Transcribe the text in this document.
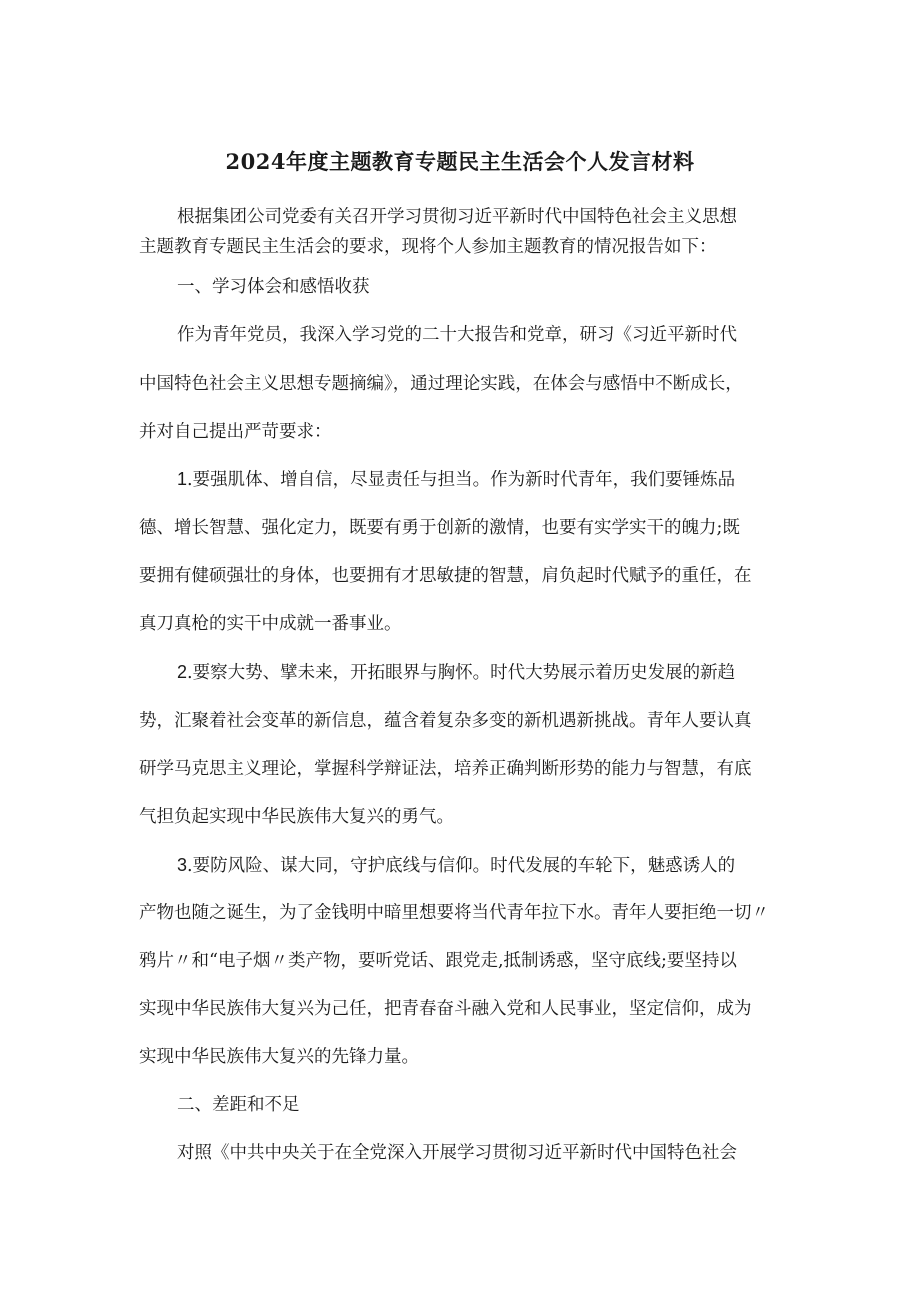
2024年度主题教育专题民主生活会个人发言材料
根据集团公司党委有关召开学习贯彻习近平新时代中国特色社会主义思想
主题教育专题民主生活会的要求，现将个人参加主题教育的情况报告如下：
一、学习体会和感悟收获
作为青年党员，我深入学习党的二十大报告和党章，研习《习近平新时代
中国特色社会主义思想专题摘编》，通过理论实践，在体会与感悟中不断成长，
并对自己提出严苛要求：
1.要强肌体、增自信，尽显责任与担当。作为新时代青年，我们要锤炼品
德、增长智慧、强化定力，既要有勇于创新的激情，也要有实学实干的魄力;既
要拥有健硕强壮的身体，也要拥有才思敏捷的智慧，肩负起时代赋予的重任，在
真刀真枪的实干中成就一番事业。
2.要察大势、擘未来，开拓眼界与胸怀。时代大势展示着历史发展的新趋
势，汇聚着社会变革的新信息，蕴含着复杂多变的新机遇新挑战。青年人要认真
研学马克思主义理论，掌握科学辩证法，培养正确判断形势的能力与智慧，有底
气担负起实现中华民族伟大复兴的勇气。
3.要防风险、谋大同，守护底线与信仰。时代发展的车轮下，魅惑诱人的
产物也随之诞生，为了金钱明中暗里想要将当代青年拉下水。青年人要拒绝一切〃
鸦片〃和“电子烟〃类产物，要听党话、跟党走,抵制诱惑，坚守底线;要坚持以
实现中华民族伟大复兴为己任，把青春奋斗融入党和人民事业，坚定信仰，成为
实现中华民族伟大复兴的先锋力量。
二、差距和不足
对照《中共中央关于在全党深入开展学习贯彻习近平新时代中国特色社会
